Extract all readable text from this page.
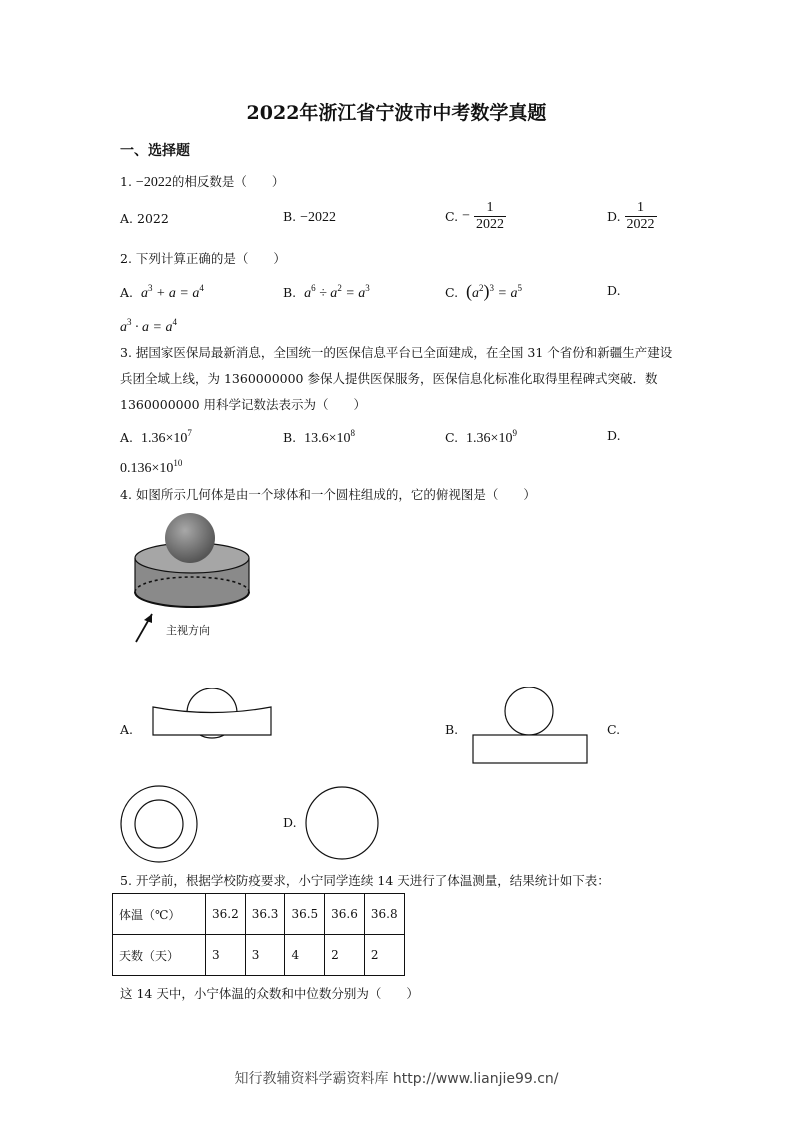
2022年浙江省宁波市中考数学真题
一、选择题
1. −2022的相反数是（　　）
A. 2022	B. −2022	C. − $\frac{1}{2022}$	D. $\frac{1}{2022}$
2. 下列计算正确的是（　　）
A. $a^3 + a = a^4$	B. $a^6 \div a^2 = a^3$	C. $(a^2)^3 = a^5$	D.
$a^3 \cdot a = a^4$
3. 据国家医保局最新消息，全国统一的医保信息平台已全面建成，在全国 31 个省份和新疆生产建设兵团全域上线，为 1360000000 参保人提供医保服务，医保信息化标准化取得里程碑式突破．数 1360000000 用科学记数法表示为（　　）
A. $1.36\times 10^7$	B. $13.6\times 10^8$	C. $1.36\times 10^9$	D.
$0.136\times 10^{10}$
4. 如图所示几何体是由一个球体和一个圆柱组成的，它的俯视图是（　　）
主视方向
A.	B.	C.
D.
5. 开学前，根据学校防疫要求，小宁同学连续 14 天进行了体温测量，结果统计如下表：
体温（℃）	36.2	36.3	36.5	36.6	36.8
天数（天）	3	3	4	2	2
这 14 天中，小宁体温的众数和中位数分别为（　　）
知行教辅资料学霸资料库 http://www.lianjie99.cn/
